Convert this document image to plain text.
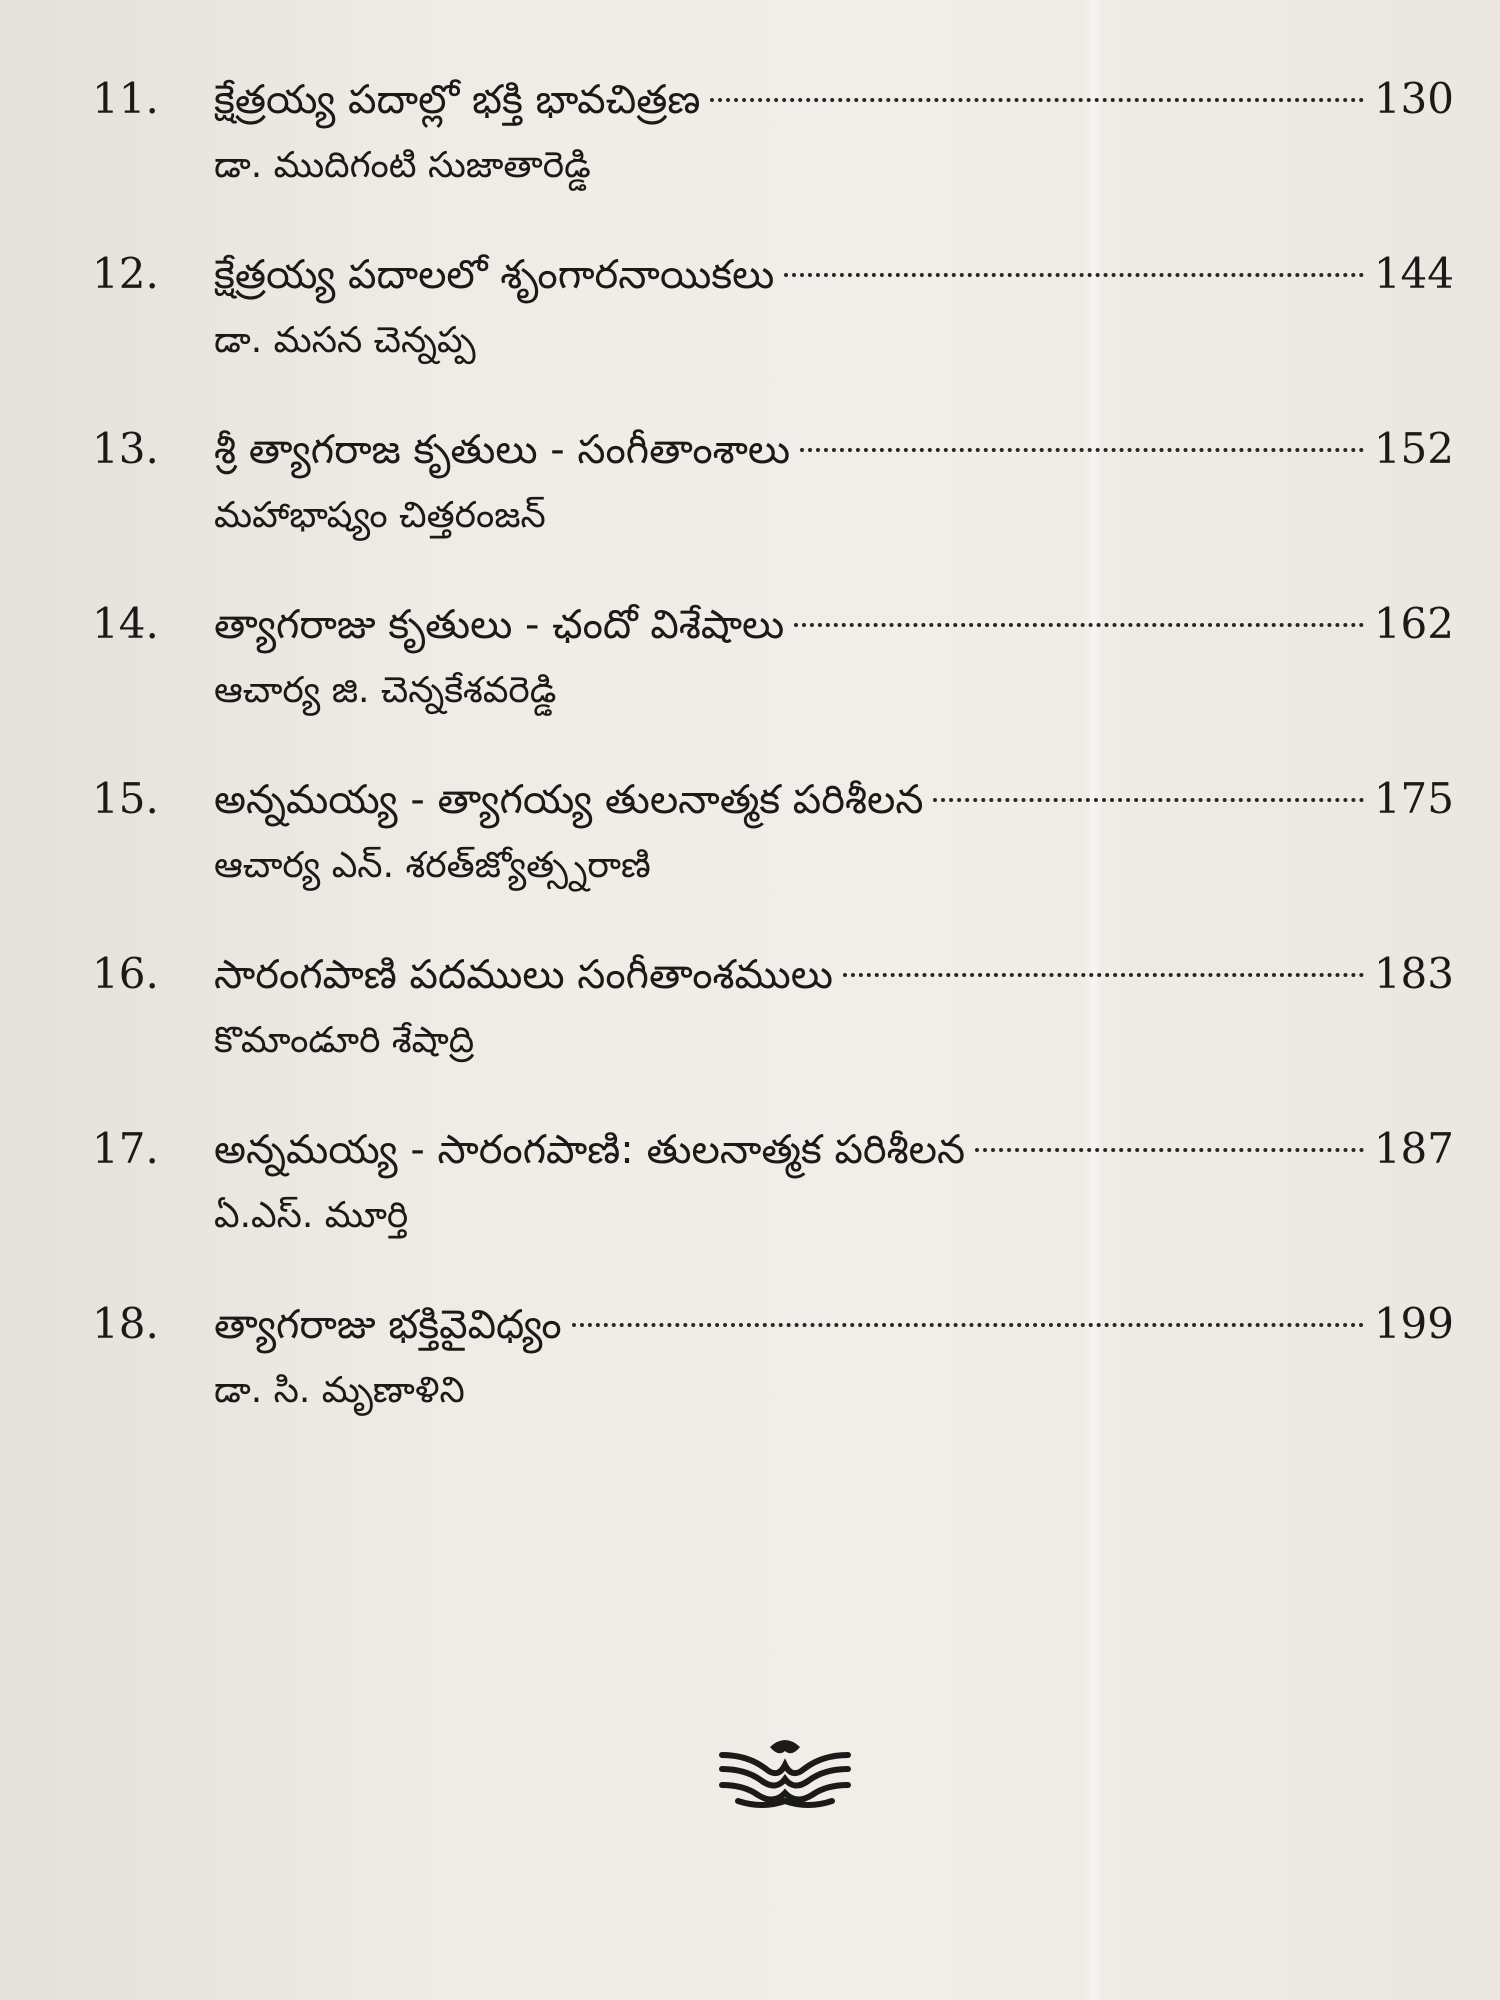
11. క్షేత్రయ్య పదాల్లో భక్తి భావచిత్రణ	130
డా. ముదిగంటి సుజాతారెడ్డి
12. క్షేత్రయ్య పదాలలో శృంగారనాయికలు	144
డా. మసన చెన్నప్ప
13. శ్రీ త్యాగరాజ కృతులు - సంగీతాంశాలు	152
మహాభాష్యం చిత్తరంజన్
14. త్యాగరాజు కృతులు - ఛందో విశేషాలు	162
ఆచార్య జి. చెన్నకేశవరెడ్డి
15. అన్నమయ్య - త్యాగయ్య తులనాత్మక పరిశీలన	175
ఆచార్య ఎన్. శరత్‌జ్యోత్స్నరాణి
16. సారంగపాణి పదములు సంగీతాంశములు	183
కొమాండూరి శేషాద్రి
17. అన్నమయ్య - సారంగపాణి: తులనాత్మక పరిశీలన	187
ఏ.ఎస్. మూర్తి
18. త్యాగరాజు భక్తివైవిధ్యం	199
డా. సి. మృణాళిని
